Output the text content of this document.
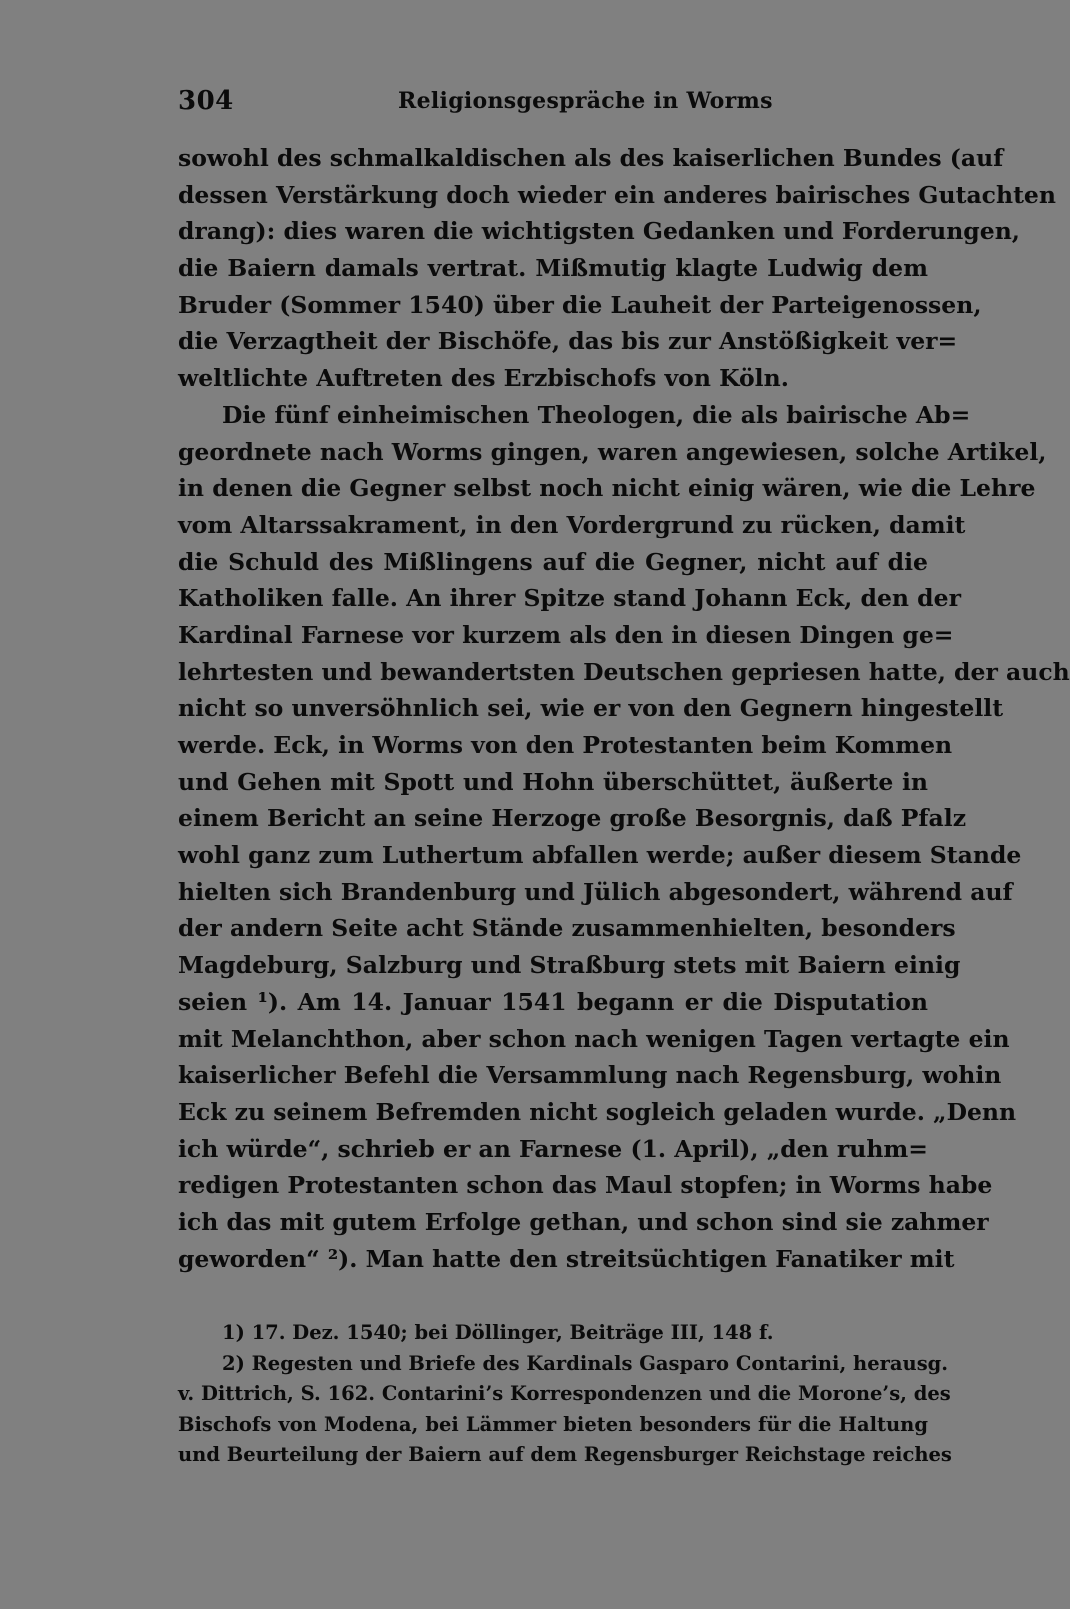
304	Religionsgespräche in Worms
sowohl des schmalkaldischen als des kaiserlichen Bundes (auf
dessen Verstärkung doch wieder ein anderes bairisches Gutachten
drang): dies waren die wichtigsten Gedanken und Forderungen,
die Baiern damals vertrat. Mißmutig klagte Ludwig dem
Bruder (Sommer 1540) über die Lauheit der Parteigenossen,
die Verzagtheit der Bischöfe, das bis zur Anstößigkeit ver=
weltlichte Auftreten des Erzbischofs von Köln.
Die fünf einheimischen Theologen, die als bairische Ab=
geordnete nach Worms gingen, waren angewiesen, solche Artikel,
in denen die Gegner selbst noch nicht einig wären, wie die Lehre
vom Altarssakrament, in den Vordergrund zu rücken, damit
die Schuld des Mißlingens auf die Gegner, nicht auf die
Katholiken falle. An ihrer Spitze stand Johann Eck, den der
Kardinal Farnese vor kurzem als den in diesen Dingen ge=
lehrtesten und bewandertsten Deutschen gepriesen hatte, der auch
nicht so unversöhnlich sei, wie er von den Gegnern hingestellt
werde. Eck, in Worms von den Protestanten beim Kommen
und Gehen mit Spott und Hohn überschüttet, äußerte in
einem Bericht an seine Herzoge große Besorgnis, daß Pfalz
wohl ganz zum Luthertum abfallen werde; außer diesem Stande
hielten sich Brandenburg und Jülich abgesondert, während auf
der andern Seite acht Stände zusammenhielten, besonders
Magdeburg, Salzburg und Straßburg stets mit Baiern einig
seien ¹). Am 14. Januar 1541 begann er die Disputation
mit Melanchthon, aber schon nach wenigen Tagen vertagte ein
kaiserlicher Befehl die Versammlung nach Regensburg, wohin
Eck zu seinem Befremden nicht sogleich geladen wurde. „Denn
ich würde“, schrieb er an Farnese (1. April), „den ruhm=
redigen Protestanten schon das Maul stopfen; in Worms habe
ich das mit gutem Erfolge gethan, und schon sind sie zahmer
geworden“ ²). Man hatte den streitsüchtigen Fanatiker mit
1) 17. Dez. 1540; bei Döllinger, Beiträge III, 148 f.
2) Regesten und Briefe des Kardinals Gasparo Contarini, herausg.
v. Dittrich, S. 162. Contarini’s Korrespondenzen und die Morone’s, des
Bischofs von Modena, bei Lämmer bieten besonders für die Haltung
und Beurteilung der Baiern auf dem Regensburger Reichstage reiches
